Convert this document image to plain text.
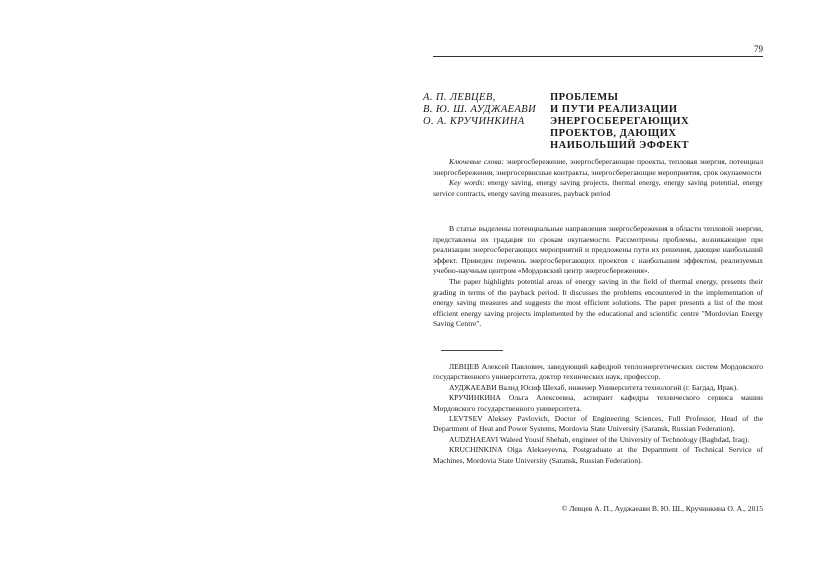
79
А. П. ЛЕВЦЕВ,
В. Ю. Ш. АУДЖАЕАВИ
О. А. КРУЧИНКИНА
ПРОБЛЕМЫ
И ПУТИ РЕАЛИЗАЦИИ
ЭНЕРГОСБЕРЕГАЮЩИХ
ПРОЕКТОВ, ДАЮЩИХ
НАИБОЛЬШИЙ ЭФФЕКТ

Ключевые слова: энергосбережение, энергосберегающие проекты, тепловая энергия, потенциал энергосбережения, энергосервисные контракты, энергосберегающие мероприятия, срок окупаемости

Key words: energy saving, energy saving projects, thermal energy, energy saving potential, energy service contracts, energy saving measures, payback period

В статье выделены потенциальные направления энергосбережения в области тепловой энергии, представлена их градация по срокам окупаемости. Рассмотрены проблемы, возникающие при реализации энергосберегающих мероприятий и предложены пути их решения, дающие наибольший эффект. Приведен перечень энергосберегающих проектов с наибольшим эффектом, реализуемых учебно-научным центром «Мордовский центр энергосбережения».

The paper highlights potential areas of energy saving in the field of thermal energy, presents their grading in terms of the payback period. It discusses the problems encountered in the implementation of energy saving measures and suggests the most efficient solutions. The paper presents a list of the most efficient energy saving projects implemented by the educational and scientific centre "Mordovian Energy Saving Centre".

ЛЕВЦЕВ Алексей Павлович, заведующий кафедрой теплоэнергетических систем Мордовского государственного университета, доктор технических наук, профессор.

АУДЖАЕАВИ Валид Юсиф Шехаб, инженер Университета технологий (г. Багдад, Ирак).

КРУЧИНКИНА Ольга Алексеевна, аспирант кафедры технического сервиса машин Мордовского государственного университета.

LEVTSEV Aleksey Pavlovich, Doctor of Engineering Sciences, Full Professor, Head of the Department of Heat and Power Systems, Mordovia State University (Saransk, Russian Federation).

AUDZHAEAVI Waleed Yousif Shehab, engineer of the University of Technology (Baghdad, Iraq).

KRUCHINKINA Olga Alekseyevna, Postgraduate at the Department of Technical Service of Machines, Mordovia State University (Saransk, Russian Federation).

© Левцев А. П., Ауджаеави В. Ю. Ш., Кручинкина О. А., 2015
